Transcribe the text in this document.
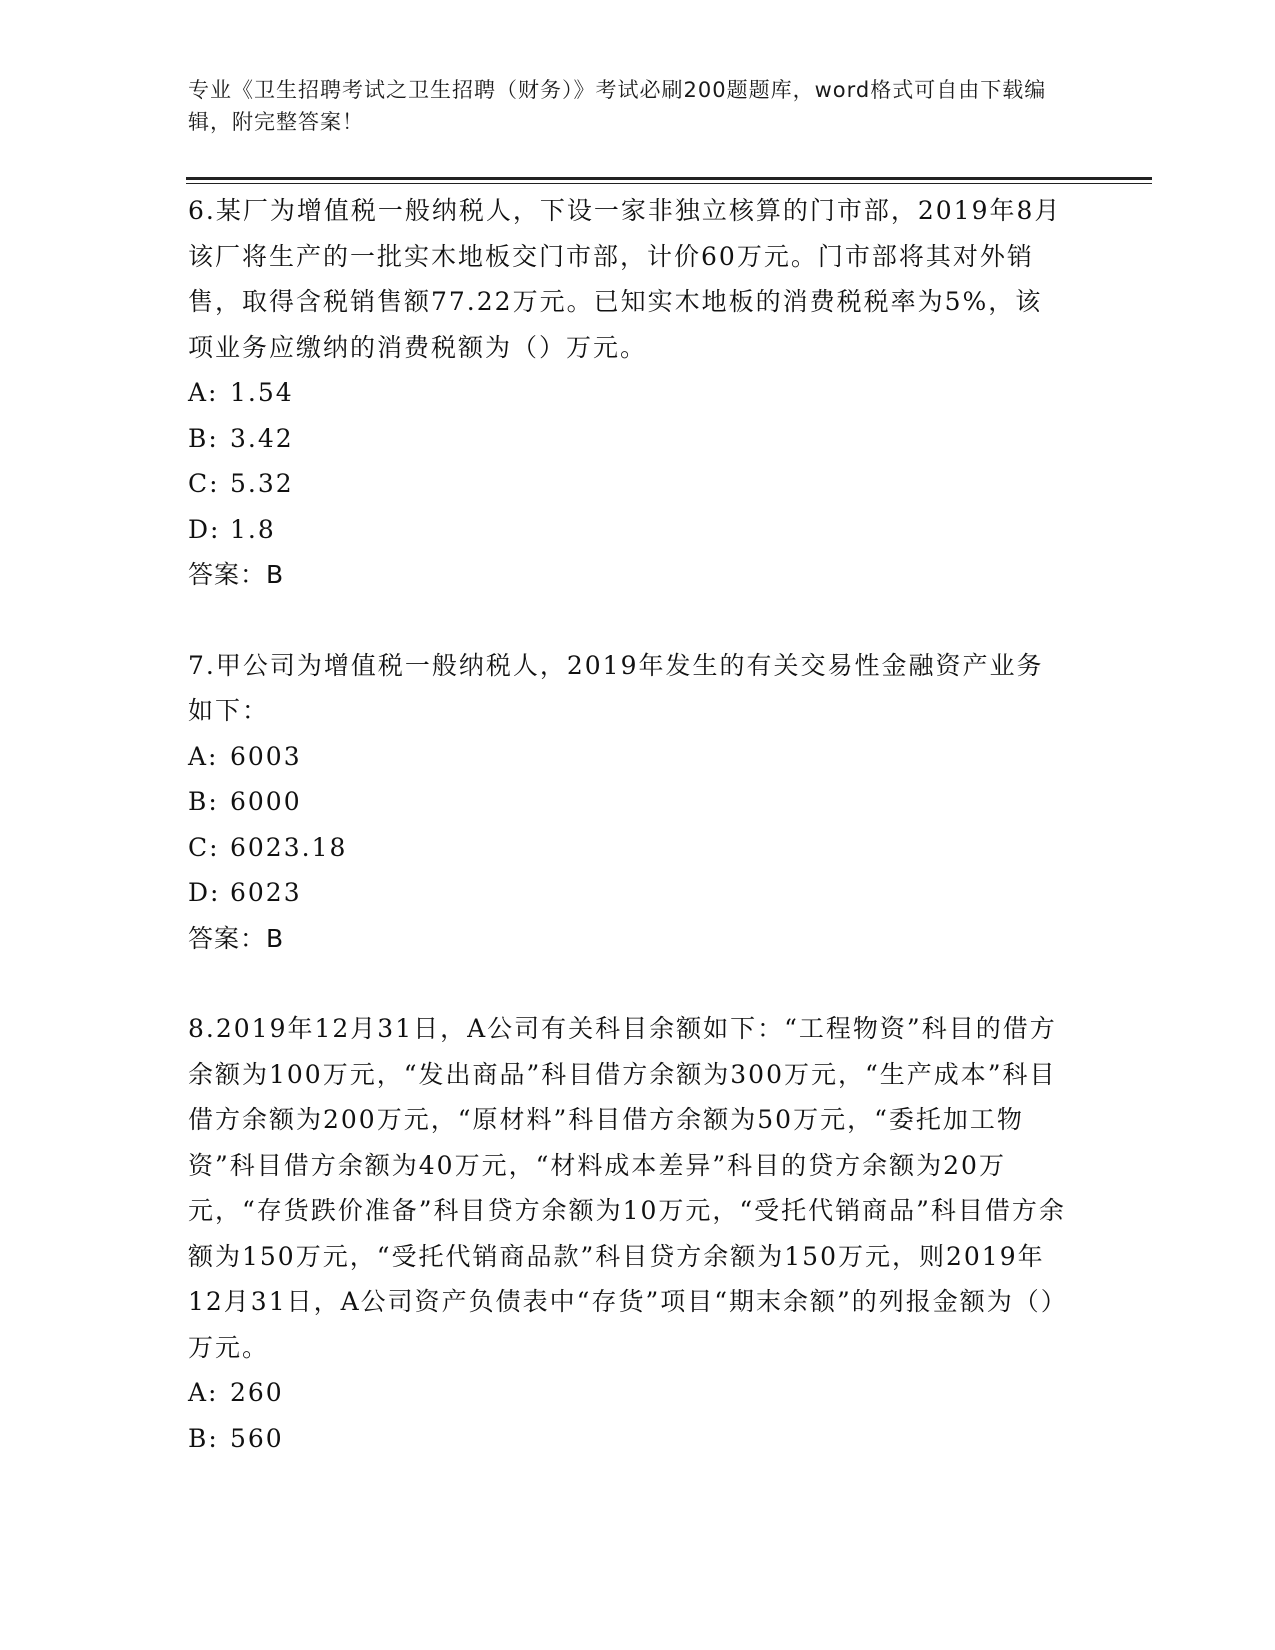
专业《卫生招聘考试之卫生招聘（财务）》考试必刷200题题库，word格式可自由下载编辑，附完整答案！

6.某厂为增值税一般纳税人，下设一家非独立核算的门市部，2019年8月该厂将生产的一批实木地板交门市部，计价60万元。门市部将其对外销售，取得含税销售额77.22万元。已知实木地板的消费税税率为5%，该项业务应缴纳的消费税额为（）万元。

A: 1.54

B: 3.42

C: 5.32

D: 1.8

答案：B

7.甲公司为增值税一般纳税人，2019年发生的有关交易性金融资产业务如下：

A: 6003

B: 6000

C: 6023.18

D: 6023

答案：B

8.2019年12月31日，A公司有关科目余额如下：“工程物资”科目的借方余额为100万元，“发出商品”科目借方余额为300万元，“生产成本”科目借方余额为200万元，“原材料”科目借方余额为50万元，“委托加工物资”科目借方余额为40万元，“材料成本差异”科目的贷方余额为20万元，“存货跌价准备”科目贷方余额为10万元，“受托代销商品”科目借方余额为150万元，“受托代销商品款”科目贷方余额为150万元，则2019年12月31日，A公司资产负债表中“存货”项目“期末余额”的列报金额为（）万元。

A: 260

B: 560
